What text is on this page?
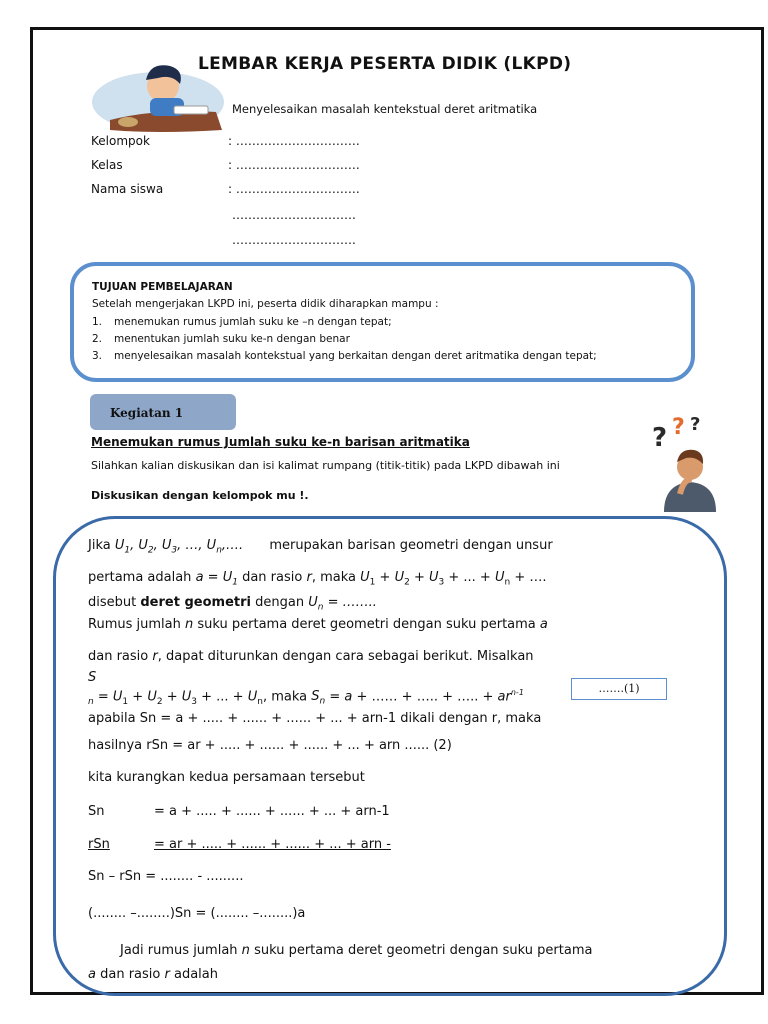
LEMBAR KERJA PESERTA DIDIK (LKPD)
Menyelesaikan masalah kentekstual deret aritmatika
Kelompok	: ………………………….
Kelas	: ………………………….
Nama siswa	: ………………………….
………………………….
………………………….
TUJUAN PEMBELAJARAN
Setelah mengerjakan LKPD ini, peserta didik diharapkan mampu :
1. menemukan rumus jumlah suku ke –n dengan tepat;
2. menentukan jumlah suku ke-n dengan benar
3. menyelesaikan masalah kontekstual yang berkaitan dengan deret aritmatika dengan tepat;
Kegiatan 1
? ? ?
Menemukan rumus Jumlah suku ke-n barisan aritmatika
Silahkan kalian diskusikan dan isi kalimat rumpang (titik-titik) pada LKPD dibawah ini
Diskusikan dengan kelompok mu !.
Jika $U_1$, $U_2$, $U_3$, …, $U_n,\dots$. merupakan barisan geometri dengan unsur
pertama adalah $a = U_1$ dan rasio r, maka $U_1 + U_2 + U_3$ + ... + $U_n$ + ….
disebut deret geometri dengan $U_n$ = ……..
Rumus jumlah n suku pertama deret geometri dengan suku pertama a
dan rasio r, dapat diturunkan dengan cara sebagai berikut. Misalkan
S
$_n = U_1 + U_2 + U_3$ + ... + $U_n$, maka $S_n = a$ + …… + ….. + ….. + $ar^{n-1}$	…….(1)
apabila Sn = a + ..... + ...... + ...... + ... + arn-1 dikali dengan r, maka
hasilnya rSn = ar + ..... + ...... + ...... + ... + arn ...... (2)
kita kurangkan kedua persamaan tersebut
Sn	= a + ..... + ...... + ...... + ... + arn-1
rSn	= ar + ..... + ...... + ...... + ... + arn -
Sn – rSn = ........ - .........
(........ –........)Sn = (........ –........)a
Jadi rumus jumlah n suku pertama deret geometri dengan suku pertama
a dan rasio r adalah
